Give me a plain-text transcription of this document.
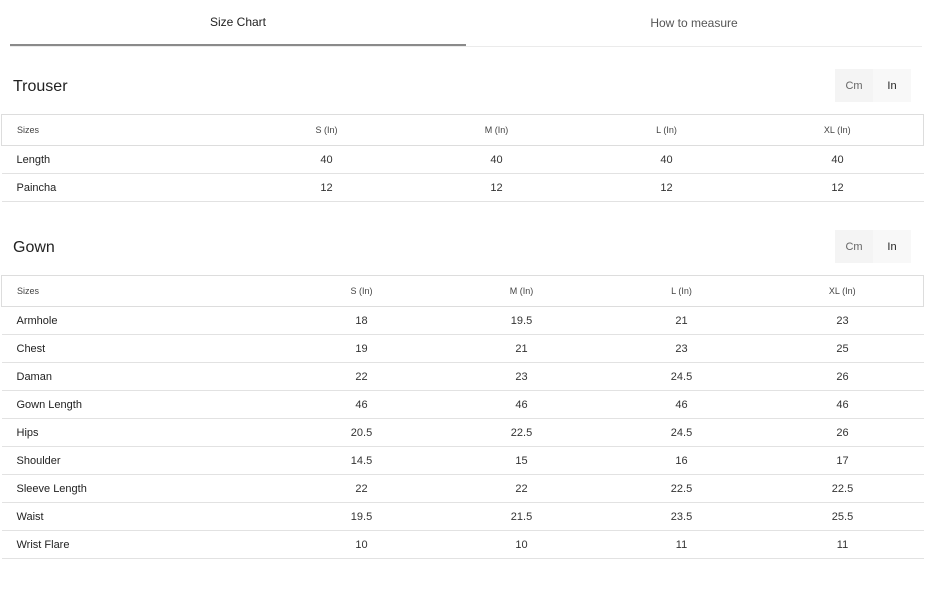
Size Chart	How to measure
Trouser	Cm	In
Sizes	S (In)	M (In)	L (In)	XL (In)
Length	40	40	40	40
Paincha	12	12	12	12
Gown	Cm	In
Sizes	S (In)	M (In)	L (In)	XL (In)
Armhole	18	19.5	21	23
Chest	19	21	23	25
Daman	22	23	24.5	26
Gown Length	46	46	46	46
Hips	20.5	22.5	24.5	26
Shoulder	14.5	15	16	17
Sleeve Length	22	22	22.5	22.5
Waist	19.5	21.5	23.5	25.5
Wrist Flare	10	10	11	11
